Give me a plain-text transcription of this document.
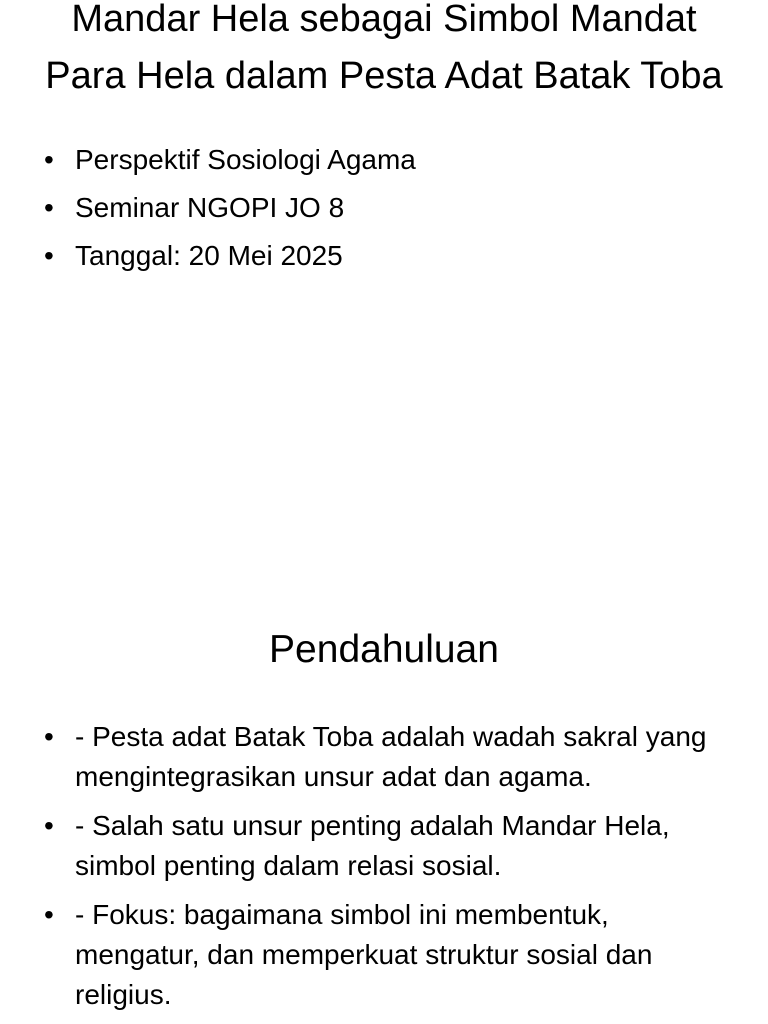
Mandar Hela sebagai Simbol Mandat Para Hela dalam Pesta Adat Batak Toba
• Perspektif Sosiologi Agama
• Seminar NGOPI JO 8
• Tanggal: 20 Mei 2025
Pendahuluan
• - Pesta adat Batak Toba adalah wadah sakral yang mengintegrasikan unsur adat dan agama.
• - Salah satu unsur penting adalah Mandar Hela, simbol penting dalam relasi sosial.
• - Fokus: bagaimana simbol ini membentuk, mengatur, dan memperkuat struktur sosial dan religius.
